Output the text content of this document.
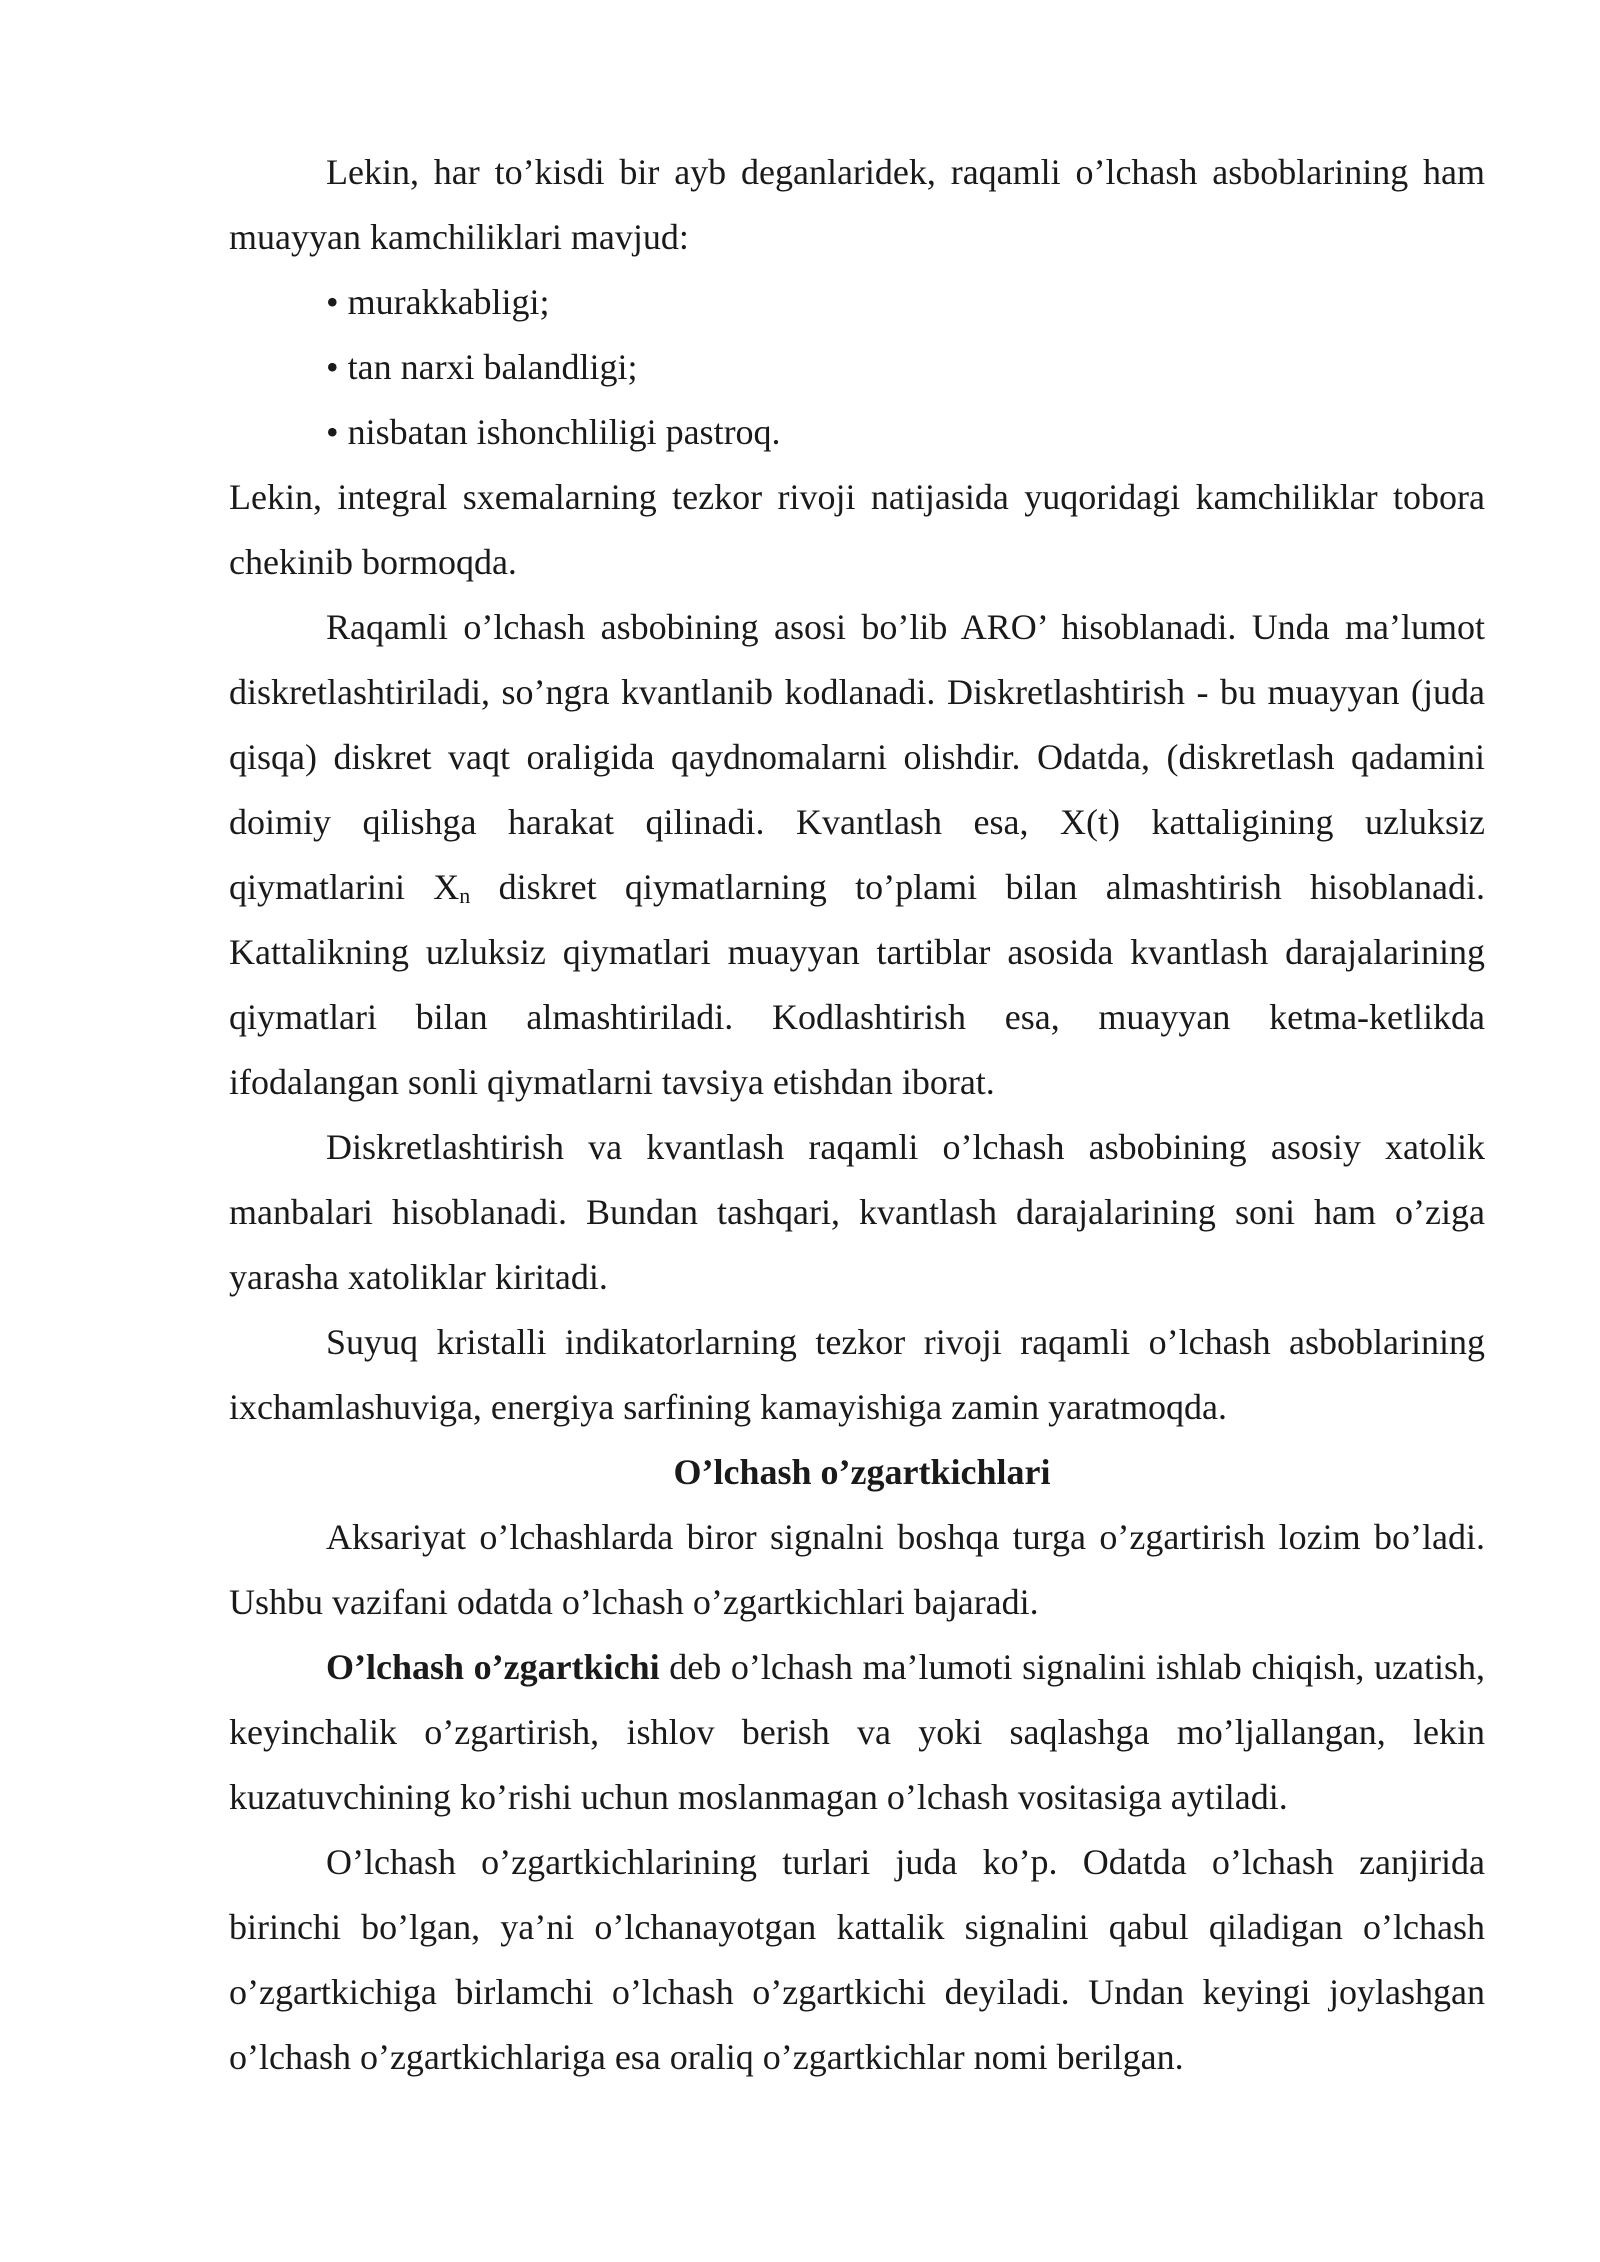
Lekin, har to’kisdi bir ayb deganlaridek, raqamli o’lchash asboblarining ham muayyan kamchiliklari mavjud:

• murakkabligi;

• tan narxi balandligi;

• nisbatan ishonchliligi pastroq.

Lekin, integral sxemalarning tezkor rivoji natijasida yuqoridagi kamchiliklar tobora chekinib bormoqda.

Raqamli o’lchash asbobining asosi bo’lib ARO’ hisoblanadi. Unda ma’lumot diskretlashtiriladi, so’ngra kvantlanib kodlanadi. Diskretlashtirish - bu muayyan (juda qisqa) diskret vaqt oraligida qaydnomalarni olishdir. Odatda, (diskretlash qadamini doimiy qilishga harakat qilinadi. Kvantlash esa, X(t) kattaligining uzluksiz qiymatlarini $X_n$ diskret qiymatlarning to’plami bilan almashtirish hisoblanadi. Kattalikning uzluksiz qiymatlari muayyan tartiblar asosida kvantlash darajalarining qiymatlari bilan almashtiriladi. Kodlashtirish esa, muayyan ketma-ketlikda ifodalangan sonli qiymatlarni tavsiya etishdan iborat.

Diskretlashtirish va kvantlash raqamli o’lchash asbobining asosiy xatolik manbalari hisoblanadi. Bundan tashqari, kvantlash darajalarining soni ham o’ziga yarasha xatoliklar kiritadi.

Suyuq kristalli indikatorlarning tezkor rivoji raqamli o’lchash asboblarining ixchamlashuviga, energiya sarfining kamayishiga zamin yaratmoqda.

O’lchash o’zgartkichlari

Aksariyat o’lchashlarda biror signalni boshqa turga o’zgartirish lozim bo’ladi. Ushbu vazifani odatda o’lchash o’zgartkichlari bajaradi.

O’lchash o’zgartkichi deb o’lchash ma’lumoti signalini ishlab chiqish, uzatish, keyinchalik o’zgartirish, ishlov berish va yoki saqlashga mo’ljallangan, lekin kuzatuvchining ko’rishi uchun moslanmagan o’lchash vositasiga aytiladi.

O’lchash o’zgartkichlarining turlari juda ko’p. Odatda o’lchash zanjirida birinchi bo’lgan, ya’ni o’lchanayotgan kattalik signalini qabul qiladigan o’lchash o’zgartkichiga birlamchi o’lchash o’zgartkichi deyiladi. Undan keyingi joylashgan o’lchash o’zgartkichlariga esa oraliq o’zgartkichlar nomi berilgan.
